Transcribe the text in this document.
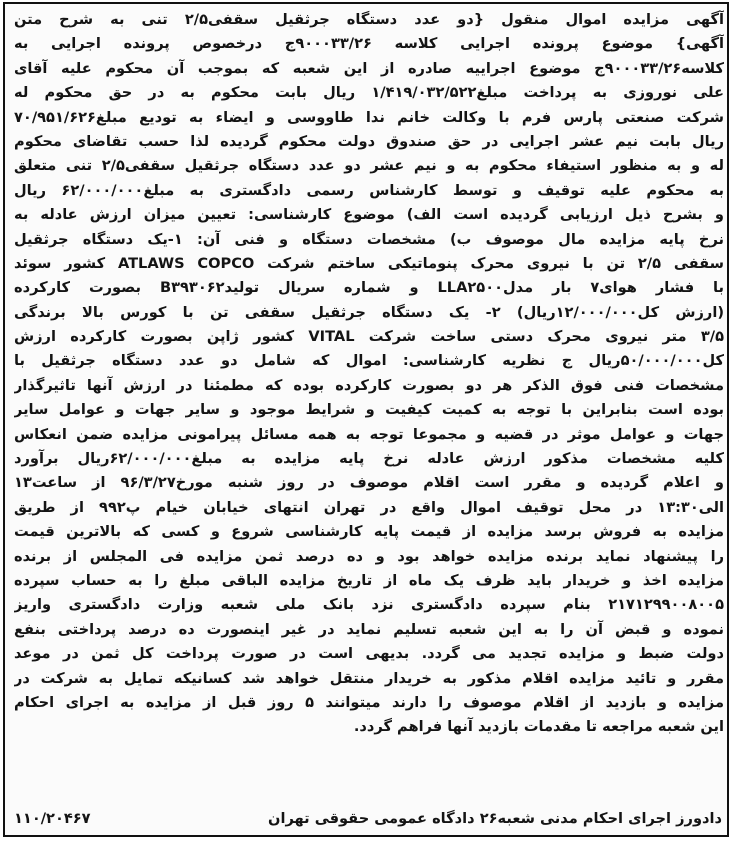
آگهی مزایده اموال منقول {دو عدد دستگاه جرثقیل سقفی۲/۵ تنی به شرح متن
آگهی} موضوع پرونده اجرایی کلاسه ۹۰۰۰۳۳/۲۶ج درخصوص پرونده اجرایی به
کلاسه۹۰۰۰۳۳/۲۶ج موضوع اجراییه صادره از این شعبه که بموجب آن محکوم علیه آقای
علی نوروزی به پرداخت مبلغ۱/۴۱۹/۰۳۲/۵۲۲ ریال بابت محکوم به در حق محکوم له
شرکت صنعتی پارس فرم با وکالت خانم ندا طاووسی و ایضاء به تودیع مبلغ۷۰/۹۵۱/۶۲۶
ریال بابت نیم عشر اجرایی در حق صندوق دولت محکوم گردیده لذا حسب تقاضای محکوم
له و به منظور استیفاء محکوم به و نیم عشر دو عدد دستگاه جرثقیل سقفی۲/۵ تنی متعلق
به محکوم علیه توقیف و توسط کارشناس رسمی دادگستری به مبلغ۶۲/۰۰۰/۰۰۰ ریال
و بشرح ذیل ارزیابی گردیده است الف) موضوع کارشناسی: تعیین میزان ارزش عادله به
نرخ پایه مزایده مال موصوف ب) مشخصات دستگاه و فنی آن: ۱-یک دستگاه جرثقیل
سقفی ۲/۵ تن با نیروی محرک پنوماتیکی ساختم شرکت ATLAWS COPCO کشور سوئد
با فشار هوای۷ بار مدلLLA۲۵۰۰ و شماره سریال تولیدB۳۹۳۰۶۲ بصورت کارکرده
(ارزش کل۱۲/۰۰۰/۰۰۰ریال) ۲- یک دستگاه جرثقیل سقفی تن با کورس بالا برندگی
۳/۵ متر نیروی محرک دستی ساخت شرکت VITAL کشور ژاپن بصورت کارکرده ارزش
کل۵۰/۰۰۰/۰۰۰ریال ج نظریه کارشناسی: اموال که شامل دو عدد دستگاه جرثقیل با
مشخصات فنی فوق الذکر هر دو بصورت کارکرده بوده که مطمئنا در ارزش آنها تاثیرگذار
بوده است بنابراین با توجه به کمیت کیفیت و شرایط موجود و سایر جهات و عوامل سایر
جهات و عوامل موثر در قضیه و مجموعا توجه به همه مسائل پیرامونی مزایده ضمن انعکاس
کلیه مشخصات مذکور ارزش عادله نرخ پایه مزایده به مبلغ۶۲/۰۰۰/۰۰۰ریال برآورد
و اعلام گردیده و مقرر است اقلام موصوف در روز شنبه مورخ۹۶/۳/۲۷ از ساعت۱۳
الی۱۳:۳۰ در محل توقیف اموال واقع در تهران انتهای خیابان خیام پ۹۹۲ از طریق
مزایده به فروش برسد مزایده از قیمت پایه کارشناسی شروع و کسی که بالاترین قیمت
را پیشنهاد نماید برنده مزایده خواهد بود و ده درصد ثمن مزایده فی المجلس از برنده
مزایده اخذ و خریدار باید ظرف یک ماه از تاریخ مزایده الباقی مبلغ را به حساب سپرده
۲۱۷۱۲۹۹۰۰۸۰۰۵ بنام سپرده دادگستری نزد بانک ملی شعبه وزارت دادگستری واریز
نموده و قبض آن را به این شعبه تسلیم نماید در غیر اینصورت ده درصد پرداختی بنفع
دولت ضبط و مزایده تجدید می گردد. بدیهی است در صورت پرداخت کل ثمن در موعد
مقرر و تائید مزایده اقلام مذکور به خریدار منتقل خواهد شد کسانیکه تمایل به شرکت در
مزایده و بازدید از اقلام موصوف را دارند میتوانند ۵ روز قبل از مزایده به اجرای احکام
این شعبه مراجعه تا مقدمات بازدید آنها فراهم گردد.
دادورز اجرای احکام مدنی شعبه۲۶ دادگاه عمومی حقوقی تهران
۱۱۰/۲۰۴۶۷
